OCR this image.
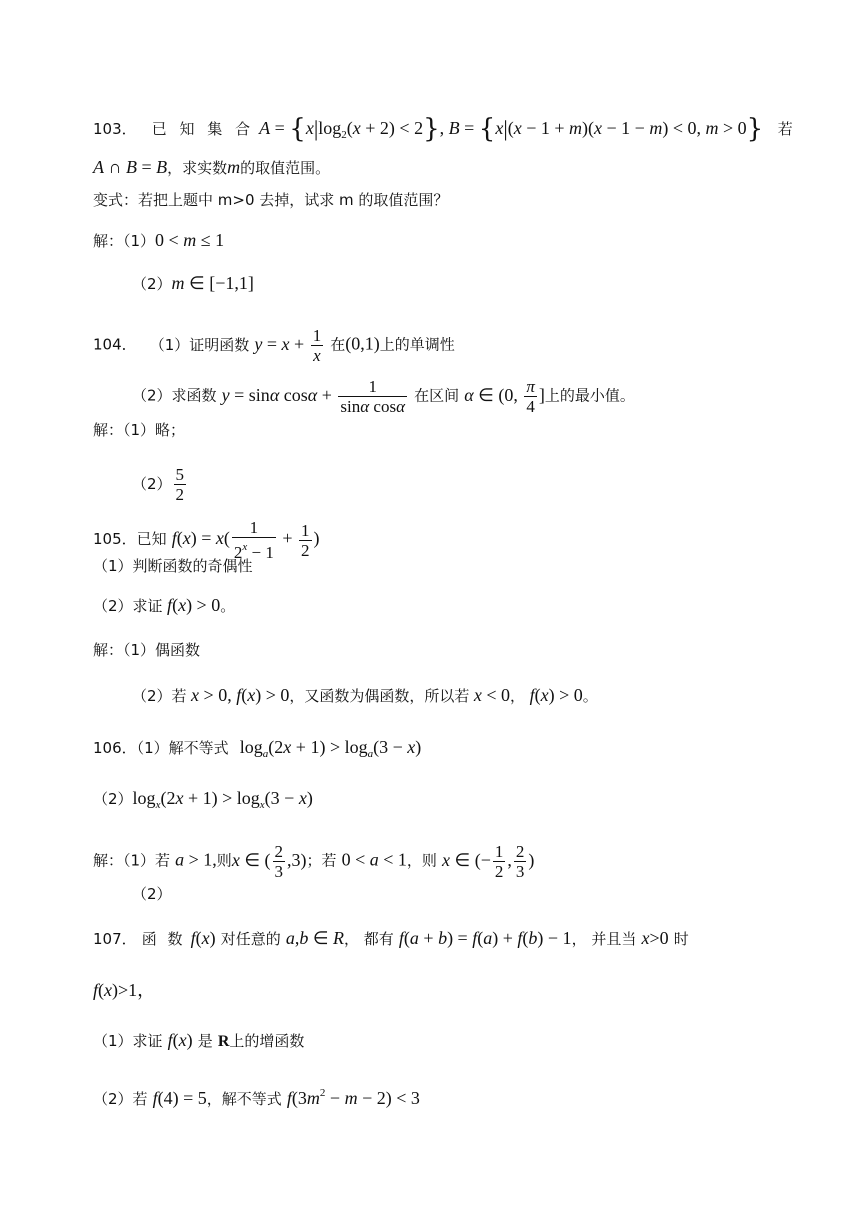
103． 已 知 集 合 $A = \{x|\log_2(x + 2) < 2\}$, B = {x|(x − 1 + m)(x − 1 − m) < 0, m > 0} 若
A ∩ B = B，求实数m的取值范围。
变式：若把上题中 m>0 去掉，试求 m 的取值范围？
解：（1）0 < m ≤ 1
（2）m ∈ [−1,1]
104． （1）证明函数 $y = x + \frac{1}{x}$ 在(0,1)上的单调性
（2）求函数 y = sinα $\cos\alpha + \frac{1}{\text{sinα cosα}}$ 在区间 α ∈ (0, $\frac{\pi}{4}$ ]上的最小值。
解：（1）略；
$(2) \frac{5}{2}$
105．已知 $f(x) = x( \frac{1}{2^x - 1} + \frac{1}{2}$ )
（1）判断函数的奇偶性
（2）求证 f(x) > 0。
解：（1）偶函数
（2）若 x > 0, f(x) > 0，又函数为偶函数，所以若 x < 0， f(x) > 0。
106．（1）解不等式 $\log_a(2x + 1) > \log_a(3 - x)$
$(2)\log_x(2x + 1) > \log_x(3 - x)$
解：（1）若 a > 1,则x ∈ ( $\frac{2}{3} ,3$)；若 0 < a < 1，则 x ∈ (− $\frac{1}{2}$ , $\frac{2}{3}$ )
（2）
107． 函 数 f(x) 对任意的 a,b ∈ R， 都有 f(a + b) = f(a) + f(b) − 1， 并且当 x>0 时
f(x)>1，
（1）求证 f(x) 是 R上的增函数
（2）若 f(4) = 5，解不等式 $f(3m^2 - m - 2) < 3$
